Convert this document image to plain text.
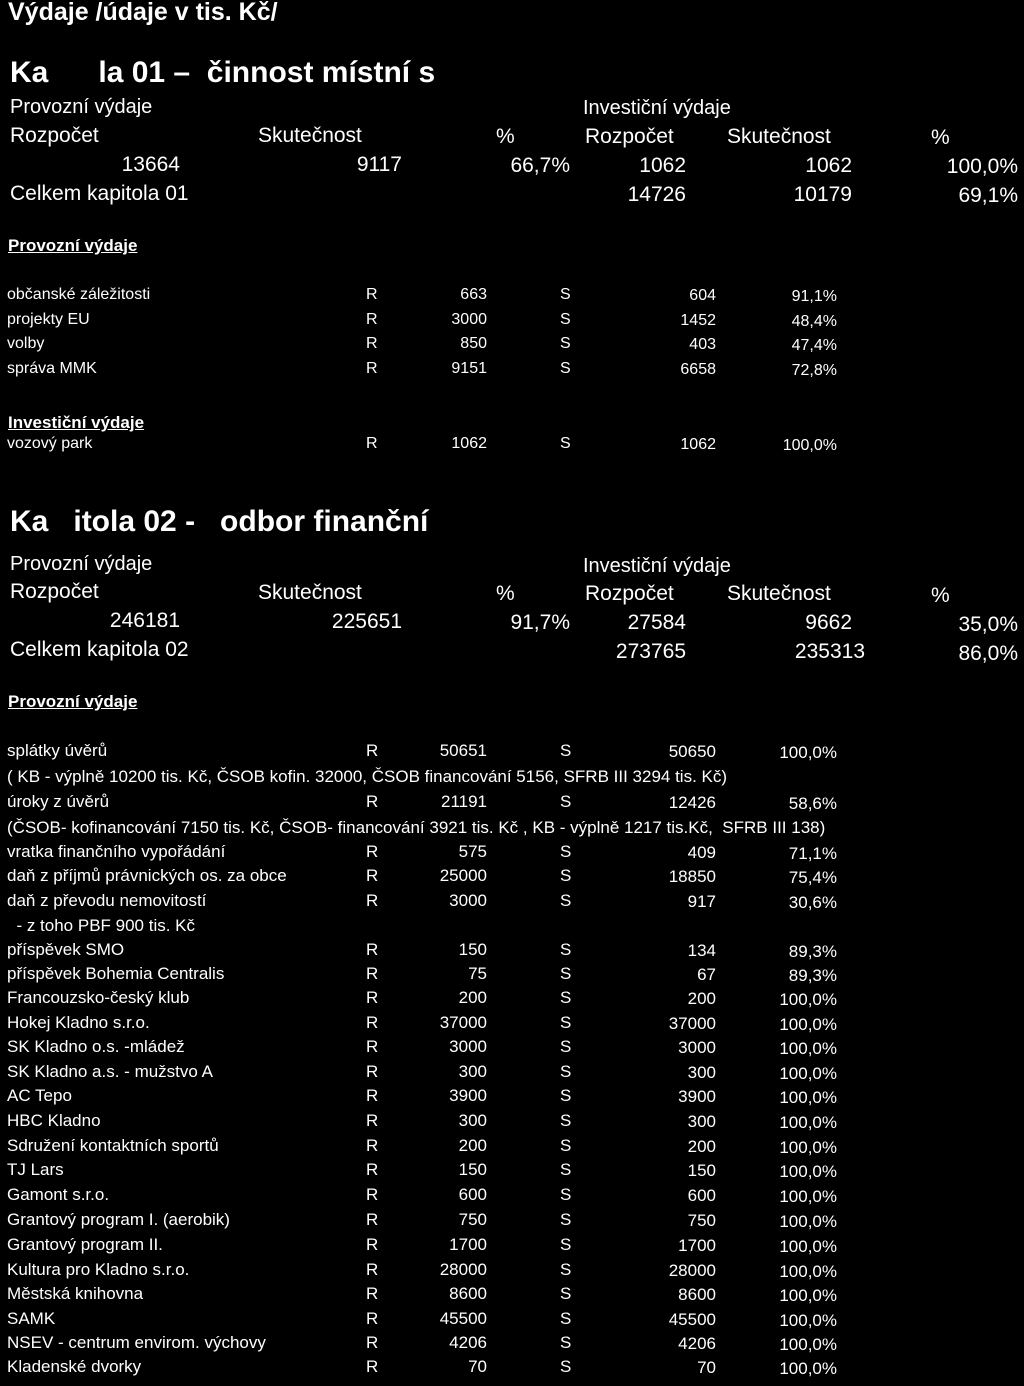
Výdaje /údaje v tis. Kč/
Ka      la 01 –  činnost místní s
Provozní výdaje	Investiční výdaje
Rozpočet	Skutečnost	%	Rozpočet	Skutečnost	%
13664	9117	66,7%	1062	1062	100,0%
Celkem kapitola 01	14726	10179	69,1%
Provozní výdaje
občanské záležitosti	R	663	S	604	91,1%
projekty EU	R	3000	S	1452	48,4%
volby	R	850	S	403	47,4%
správa MMK	R	9151	S	6658	72,8%
Investiční výdaje
vozový park	R	1062	S	1062	100,0%
Ka   itola 02 -   odbor finanční
Provozní výdaje	Investiční výdaje
Rozpočet	Skutečnost	%	Rozpočet	Skutečnost	%
246181	225651	91,7%	27584	9662	35,0%
Celkem kapitola 02	273765	235313	86,0%
Provozní výdaje
splátky úvěrů	R	50651	S	50650	100,0%
( KB - výplně 10200 tis. Kč, ČSOB kofin. 32000, ČSOB financování 5156, SFRB III 3294 tis. Kč)
úroky z úvěrů	R	21191	S	12426	58,6%
(ČSOB- kofinancování 7150 tis. Kč, ČSOB- financování 3921 tis. Kč , KB - výplně 1217 tis.Kč,  SFRB III 138)
vratka finančního vypořádání	R	575	S	409	71,1%
daň z příjmů právnických os. za obce	R	25000	S	18850	75,4%
daň z převodu nemovitostí	R	3000	S	917	30,6%
- z toho PBF 900 tis. Kč
příspěvek SMO	R	150	S	134	89,3%
příspěvek Bohemia Centralis	R	75	S	67	89,3%
Francouzsko-český klub	R	200	S	200	100,0%
Hokej Kladno s.r.o.	R	37000	S	37000	100,0%
SK Kladno o.s. -mládež	R	3000	S	3000	100,0%
SK Kladno a.s. - mužstvo A	R	300	S	300	100,0%
AC Tepo	R	3900	S	3900	100,0%
HBC Kladno	R	300	S	300	100,0%
Sdružení kontaktních sportů	R	200	S	200	100,0%
TJ Lars	R	150	S	150	100,0%
Gamont s.r.o.	R	600	S	600	100,0%
Grantový program I. (aerobik)	R	750	S	750	100,0%
Grantový program II.	R	1700	S	1700	100,0%
Kultura pro Kladno s.r.o.	R	28000	S	28000	100,0%
Městská knihovna	R	8600	S	8600	100,0%
SAMK	R	45500	S	45500	100,0%
NSEV - centrum envirom. výchovy	R	4206	S	4206	100,0%
Kladenské dvorky	R	70	S	70	100,0%
